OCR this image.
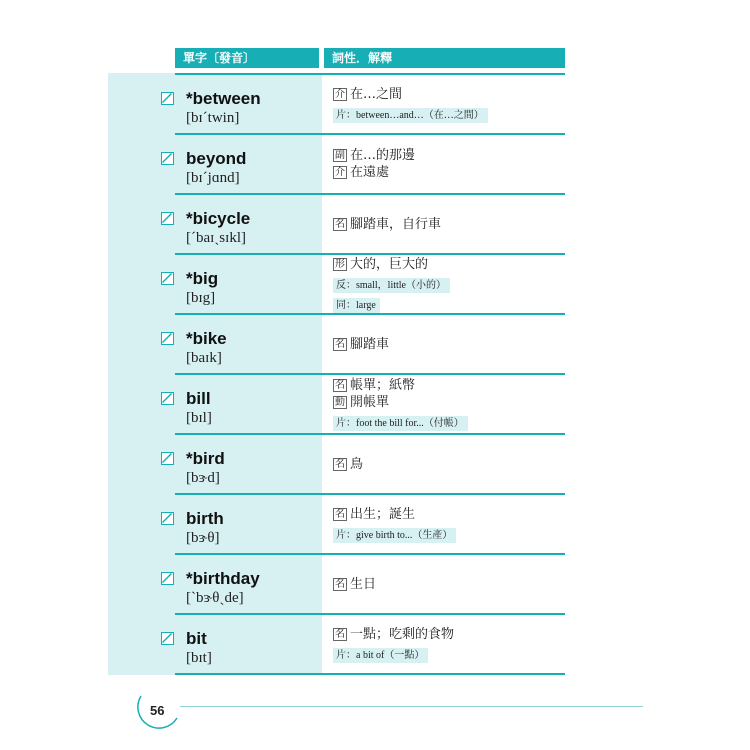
單字〔發音〕	詞性．解釋
*between
[bɪˊtwin]
介 在…之間
片：between…and…（在…之間）
beyond
[bɪˊjɑnd]
副 在…的那邊
介 在遠處
*bicycle
[ˊbaɪˏsɪkl]
名 腳踏車，自行車
*big
[bɪg]
形 大的，巨大的
反：small，little（小的）
同：large
*bike
[baɪk]
名 腳踏車
bill
[bɪl]
名 帳單；紙幣
動 開帳單
片：foot the bill for...（付帳）
*bird
[bɝd]
名 鳥
birth
[bɝθ]
名 出生；誕生
片：give birth to...（生產）
*birthday
[ˋbɝθˏde]
名 生日
bit
[bɪt]
名 一點；吃剩的食物
片：a bit of（一點）
56
